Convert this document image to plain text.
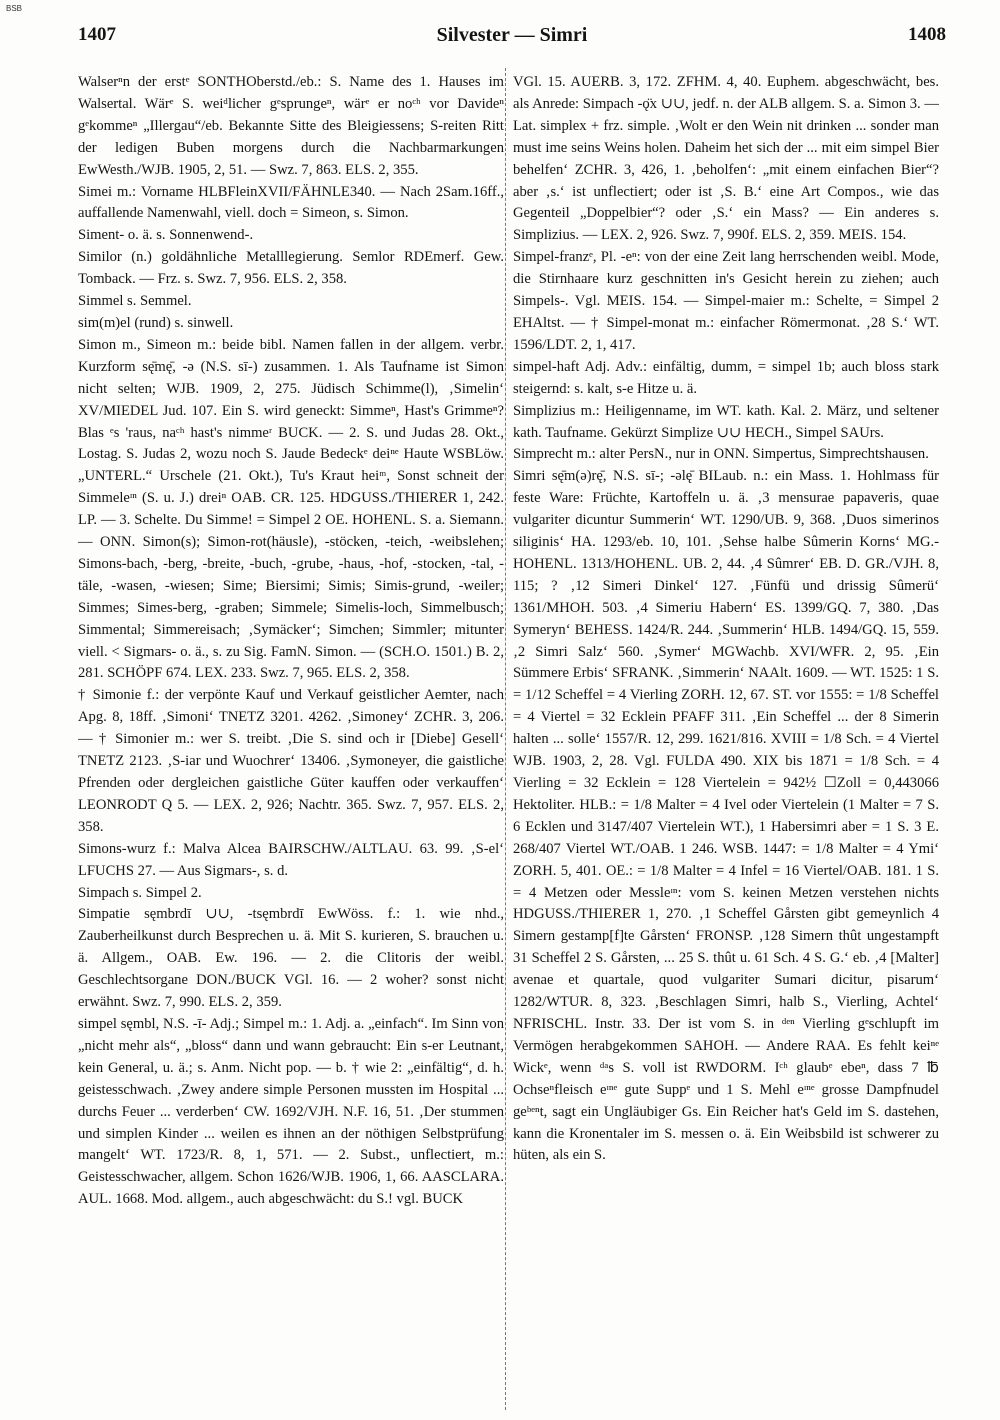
BSB
1407	Silvester — Simri	1408

Walserⁿn der erstᵉ SONTHOberstd./eb.: S. Name des 1. Hauses im Walsertal. Wärᵉ S. weiᵈlicher gᵉsprungeⁿ, wärᵉ er noᶜʰ vor Davideⁿ gᵉkommeⁿ „Illergau“/eb. Bekannte Sitte des Bleigiessens; S-reiten Ritt der ledigen Buben morgens durch die Nachbarmarkungen EwWesth./WJB. 1905, 2, 51. — Swz. 7, 863. ELS. 2, 355.

Simei m.: Vorname HLBFleinXVII/FÄHNLE340. — Nach 2Sam.16ff., auffallende Namenwahl, viell. doch = Simeon, s. Simon.

Siment- o. ä. s. Sonnenwend-.

Similor (n.) goldähnliche Metalllegierung. Semlor RDEmerf. Gew. Tomback. — Frz. s. Swz. 7, 956. ELS. 2, 358.

Simmel s. Semmel.

sim(m)el (rund) s. sinwell.

Simon m., Simeon m.: beide bibl. Namen fallen in der allgem. verbr. Kurzform sę̄mę̄, -ə (N.S. sī-) zusammen. 1. Als Taufname ist Simon nicht selten; WJB. 1909, 2, 275. Jüdisch Schimme(l), ‚Simelin‘ XV/MIEDEL Jud. 107. Ein S. wird geneckt: Simmeⁿ, Hast's Grimmeⁿ? Blas ᵉs 'raus, naᶜʰ hast's nimmeʳ BUCK. — 2. S. und Judas 28. Okt., Lostag. S. Judas 2, wozu noch S. Jaude Bedeckᵉ deiⁿᵉ Haute WSBLöw. „UNTERL.“ Urschele (21. Okt.), Tu's Kraut heiᵐ, Sonst schneit der Simmeleᶦⁿ (S. u. J.) dreiⁿ OAB. CR. 125. HDGUSS./THIERER 1, 242. LP. — 3. Schelte. Du Simme! = Simpel 2 OE. HOHENL. S. a. Siemann. — ONN. Simon(s); Simon-rot(häusle), -stöcken, -teich, -weibslehen; Simons-bach, -berg, -breite, -buch, -grube, -haus, -hof, -stocken, -tal, -täle, -wasen, -wiesen; Sime; Biersimi; Simis; Simis-grund, -weiler; Simmes; Simes-berg, -graben; Simmele; Simelis-loch, Simmelbusch; Simmental; Simmereisach; ‚Symäcker‘; Simchen; Simmler; mitunter viell. < Sigmars- o. ä., s. zu Sig. FamN. Simon. — (SCH.O. 1501.) B. 2, 281. SCHÖPF 674. LEX. 233. Swz. 7, 965. ELS. 2, 358.

† Simonie f.: der verpönte Kauf und Verkauf geistlicher Aemter, nach Apg. 8, 18ff. ‚Simoni‘ TNETZ 3201. 4262. ‚Simoney‘ ZCHR. 3, 206. — † Simonier m.: wer S. treibt. ‚Die S. sind och ir [Diebe] Gesell‘ TNETZ 2123. ‚S-iar und Wuochrer‘ 13406. ‚Symoneyer, die gaistliche Pfrenden oder dergleichen gaistliche Güter kauffen oder verkauffen‘ LEONRODT Q 5. — LEX. 2, 926; Nachtr. 365. Swz. 7, 957. ELS. 2, 358.

Simons-wurz f.: Malva Alcea BAIRSCHW./ALTLAU. 63. 99. ‚S-el‘ LFUCHS 27. — Aus Sigmars-, s. d.

Simpach s. Simpel 2.

Simpatie sęmbrdī ∪∪, -tsęmbrdī EwWöss. f.: 1. wie nhd., Zauberheilkunst durch Besprechen u. ä. Mit S. kurieren, S. brauchen u. ä. Allgem., OAB. Ew. 196. — 2. die Clitoris der weibl. Geschlechtsorgane DON./BUCK VGl. 16. — 2 woher? sonst nicht erwähnt. Swz. 7, 990. ELS. 2, 359.

simpel sęmbl, N.S. -ī- Adj.; Simpel m.: 1. Adj. a. „einfach“. Im Sinn von „nicht mehr als“, „bloss“ dann und wann gebraucht: Ein s-er Leutnant, kein General, u. ä.; s. Anm. Nicht pop. — b. † wie 2: „einfältig“, d. h. geistesschwach. ‚Zwey andere simple Personen mussten im Hospital ... durchs Feuer ... verderben‘ CW. 1692/VJH. N.F. 16, 51. ‚Der stummen und simplen Kinder ... weilen es ihnen an der nöthigen Selbstprüfung mangelt‘ WT. 1723/R. 8, 1, 571. — 2. Subst., unflectiert, m.: Geistesschwacher, allgem. Schon 1626/WJB. 1906, 1, 66. AASCLARA. AUL. 1668. Mod. allgem., auch abgeschwächt: du S.! vgl. BUCK

VGl. 15. AUERB. 3, 172. ZFHM. 4, 40. Euphem. abgeschwächt, bes. als Anrede: Simpach -ǫ̈x ∪∪, jedf. n. der ALB allgem. S. a. Simon 3. — Lat. simplex + frz. simple. ‚Wolt er den Wein nit drinken ... sonder man must ime seins Weins holen. Daheim het sich der ... mit eim simpel Bier behelfen‘ ZCHR. 3, 426, 1. ‚beholfen‘: „mit einem einfachen Bier“? aber ‚s.‘ ist unflectiert; oder ist ‚S. B.‘ eine Art Compos., wie das Gegenteil „Doppelbier“? oder ‚S.‘ ein Mass? — Ein anderes s. Simplizius. — LEX. 2, 926. Swz. 7, 990f. ELS. 2, 359. MEIS. 154.

Simpel-franzᵉ, Pl. -eⁿ: von der eine Zeit lang herrschenden weibl. Mode, die Stirnhaare kurz geschnitten in's Gesicht herein zu ziehen; auch Simpels-. Vgl. MEIS. 154. — Simpel-maier m.: Schelte, = Simpel 2 EHAltst. — † Simpel-monat m.: einfacher Römermonat. ‚28 S.‘ WT. 1596/LDT. 2, 1, 417.

simpel-haft Adj. Adv.: einfältig, dumm, = simpel 1b; auch bloss stark steigernd: s. kalt, s-e Hitze u. ä.

Simplizius m.: Heiligenname, im WT. kath. Kal. 2. März, und seltener kath. Taufname. Gekürzt Simplize ∪∪ HECH., Simpel SAUrs.

Simprecht m.: alter PersN., nur in ONN. Simpertus, Simprechtshausen.

Simri sę̄m(ə)rę̄, N.S. sī-; -əlę̄ BILaub. n.: ein Mass. 1. Hohlmass für feste Ware: Früchte, Kartoffeln u. ä. ‚3 mensurae papaveris, quae vulgariter dicuntur Summerin‘ WT. 1290/UB. 9, 368. ‚Duos simerinos siliginis‘ HA. 1293/eb. 10, 101. ‚Sehse halbe Sûmerin Korns‘ MG.-HOHENL. 1313/HOHENL. UB. 2, 44. ‚4 Sûmrer‘ EB. D. GR./VJH. 8, 115; ? ‚12 Simeri Dinkel‘ 127. ‚Fünfü und drissig Sûmerü‘ 1361/MHOH. 503. ‚4 Simeriu Habern‘ ES. 1399/GQ. 7, 380. ‚Das Symeryn‘ BEHESS. 1424/R. 244. ‚Summerin‘ HLB. 1494/GQ. 15, 559. ‚2 Simri Salz‘ 560. ‚Symer‘ MGWachb. XVI/WFR. 2, 95. ‚Ein Sümmere Erbis‘ SFRANK. ‚Simmerin‘ NAAlt. 1609. — WT. 1525: 1 S. = 1/12 Scheffel = 4 Vierling ZORH. 12, 67. ST. vor 1555: = 1/8 Scheffel = 4 Viertel = 32 Ecklein PFAFF 311. ‚Ein Scheffel ... der 8 Simerin halten ... solle‘ 1557/R. 12, 299. 1621/816. XVIII = 1/8 Sch. = 4 Viertel WJB. 1903, 2, 28. Vgl. FULDA 490. XIX bis 1871 = 1/8 Sch. = 4 Vierling = 32 Ecklein = 128 Viertelein = 942½ ☐Zoll = 0,443066 Hektoliter. HLB.: = 1/8 Malter = 4 Ivel oder Viertelein (1 Malter = 7 S. 6 Ecklen und 3147/407 Viertelein WT.), 1 Habersimri aber = 1 S. 3 E. 268/407 Viertel WT./OAB. 1 246. WSB. 1447: = 1/8 Malter = 4 Ymi‘ ZORH. 5, 401. OE.: = 1/8 Malter = 4 Infel = 16 Viertel/OAB. 181. 1 S. = 4 Metzen oder Messleᶦⁿ: vom S. keinen Metzen verstehen nichts HDGUSS./THIERER 1, 270. ‚1 Scheffel Gårsten gibt gemeynlich 4 Simern gestamp[f]te Gårsten‘ FRONSP. ‚128 Simern thût ungestampft 31 Scheffel 2 S. Gårsten, ... 25 S. thût u. 61 Sch. 4 S. G.‘ eb. ‚4 [Malter] avenae et quartale, quod vulgariter Sumari dicitur, pisarum‘ 1282/WTUR. 8, 323. ‚Beschlagen Simri, halb S., Vierling, Achtel‘ NFRISCHL. Instr. 33. Der ist vom S. in ᵈᵉⁿ Vierling gᵉschlupft im Vermögen herabgekommen SAHOH. — Andere RAA. Es fehlt keiⁿᵉ Wickᵉ, wenn ᵈᵃs S. voll ist RWDORM. Iᶜʰ glaubᵉ ebeⁿ, dass 7 ℔ Ochseⁿfleisch eᶦⁿᵉ gute Suppᵉ und 1 S. Mehl eᶦⁿᵉ grosse Dampfnudel geᵇᵉⁿt, sagt ein Ungläubiger Gs. Ein Reicher hat's Geld im S. dastehen, kann die Kronentaler im S. messen o. ä. Ein Weibsbild ist schwerer zu hüten, als ein S.
